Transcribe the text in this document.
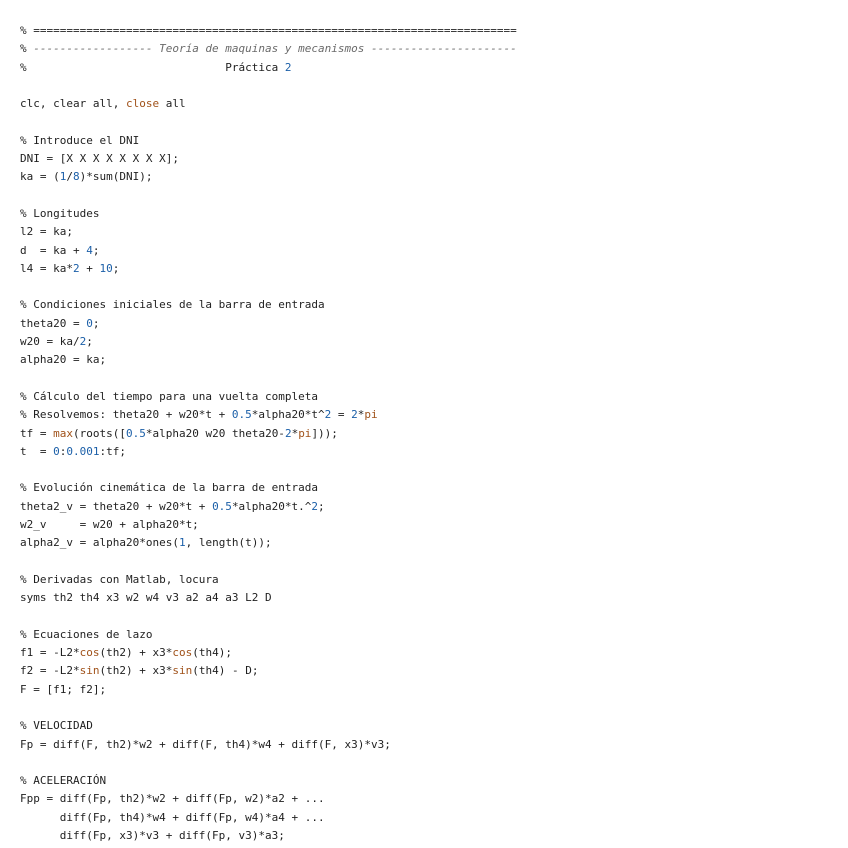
% =========================================================================
% ------------------ Teoría de maquinas y mecanismos ----------------------
%                              Práctica 2

clc, clear all, close all

% Introduce el DNI
DNI = [X X X X X X X X];
ka = (1/8)*sum(DNI);

% Longitudes
l2 = ka;
d  = ka + 4;
l4 = ka*2 + 10;

% Condiciones iniciales de la barra de entrada
theta20 = 0;
w20 = ka/2;
alpha20 = ka;

% Cálculo del tiempo para una vuelta completa
% Resolvemos: theta20 + w20*t + 0.5*alpha20*t^2 = 2*pi
tf = max(roots([0.5*alpha20 w20 theta20-2*pi]));
t  = 0:0.001:tf;

% Evolución cinemática de la barra de entrada
theta2_v = theta20 + w20*t + 0.5*alpha20*t.^2;
w2_v     = w20 + alpha20*t;
alpha2_v = alpha20*ones(1, length(t));

% Derivadas con Matlab, locura
syms th2 th4 x3 w2 w4 v3 a2 a4 a3 L2 D

% Ecuaciones de lazo
f1 = -L2*cos(th2) + x3*cos(th4);
f2 = -L2*sin(th2) + x3*sin(th4) - D;
F = [f1; f2];

% VELOCIDAD
Fp = diff(F, th2)*w2 + diff(F, th4)*w4 + diff(F, x3)*v3;

% ACELERACIÓN
Fpp = diff(Fp, th2)*w2 + diff(Fp, w2)*a2 + ...
diff(Fp, th4)*w4 + diff(Fp, w4)*a4 + ...
diff(Fp, x3)*v3 + diff(Fp, v3)*a3;
